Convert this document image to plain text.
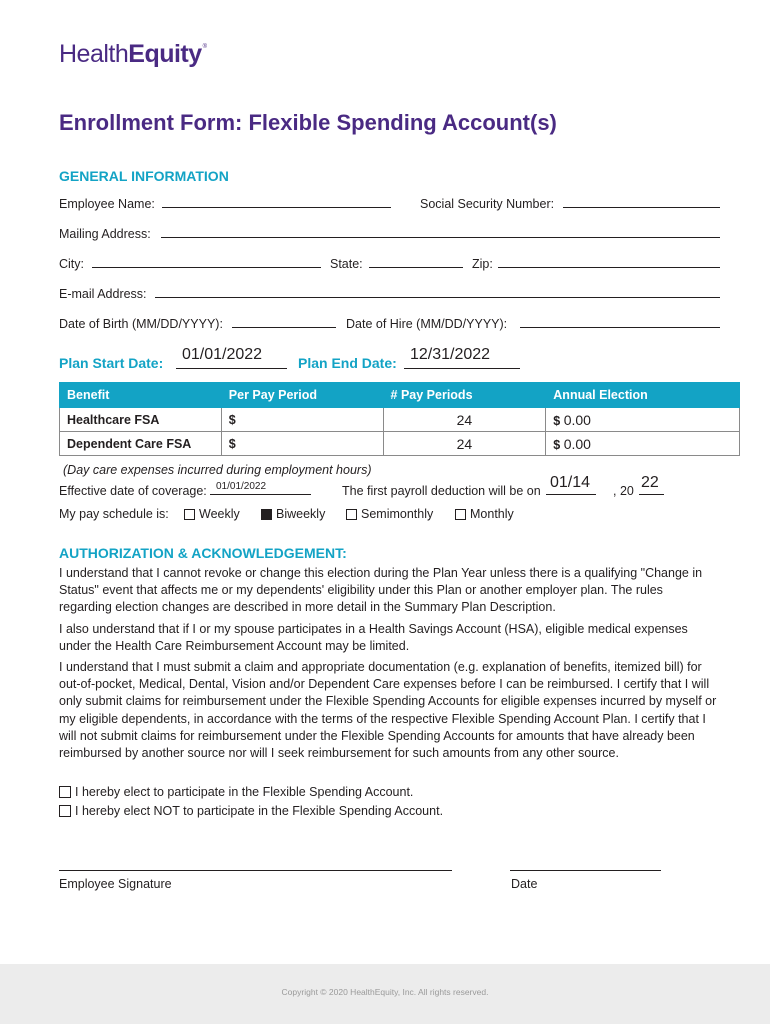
HealthEquity®
Enrollment Form: Flexible Spending Account(s)
GENERAL INFORMATION
Employee Name:	Social Security Number:
Mailing Address:
City:	State:	Zip:
E-mail Address:
Date of Birth (MM/DD/YYYY):	Date of Hire (MM/DD/YYYY):
Plan Start Date: 01/01/2022	Plan End Date: 12/31/2022
Benefit	Per Pay Period	# Pay Periods	Annual Election
Healthcare FSA	$	24	$ 0.00
Dependent Care FSA	$	24	$ 0.00
(Day care expenses incurred during employment hours)
Effective date of coverage: 01/01/2022	The first payroll deduction will be on 01/14 , 20 22
My pay schedule is:	Weekly	Biweekly	Semimonthly	Monthly
AUTHORIZATION & ACKNOWLEDGEMENT:

I understand that I cannot revoke or change this election during the Plan Year unless there is a qualifying "Change in Status" event that affects me or my dependents' eligibility under this Plan or another employer plan. The rules regarding election changes are described in more detail in the Summary Plan Description.

I also understand that if I or my spouse participates in a Health Savings Account (HSA), eligible medical expenses under the Health Care Reimbursement Account may be limited.

I understand that I must submit a claim and appropriate documentation (e.g. explanation of benefits, itemized bill) for out-of-pocket, Medical, Dental, Vision and/or Dependent Care expenses before I can be reimbursed. I certify that I will only submit claims for reimbursement under the Flexible Spending Accounts for eligible expenses incurred by myself or my eligible dependents, in accordance with the terms of the respective Flexible Spending Account Plan. I certify that I will not submit claims for reimbursement under the Flexible Spending Accounts for amounts that have already been reimbursed by another source nor will I seek reimbursement for such amounts from any other source.

I hereby elect to participate in the Flexible Spending Account.
I hereby elect NOT to participate in the Flexible Spending Account.
Employee Signature	Date
Copyright © 2020 HealthEquity, Inc. All rights reserved.
